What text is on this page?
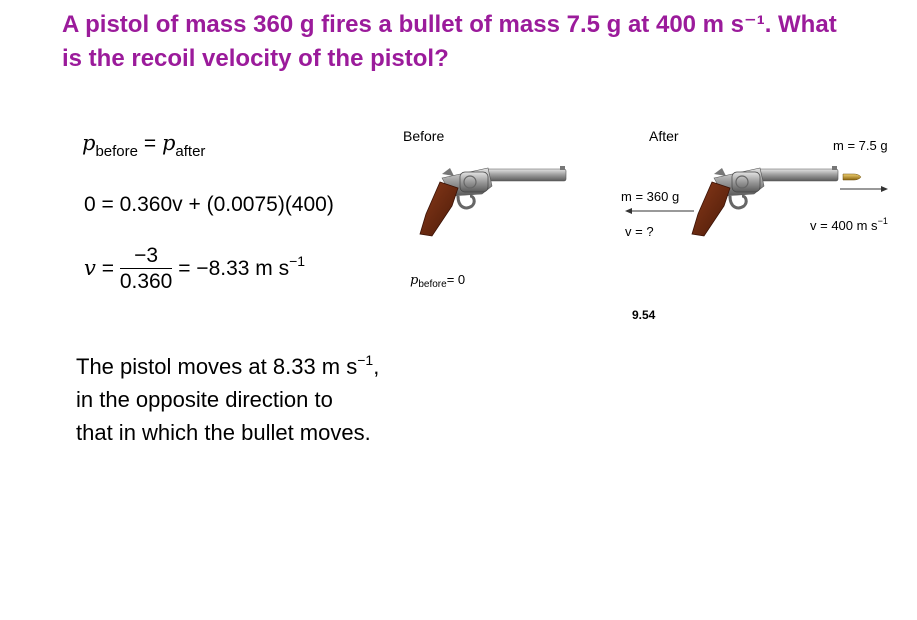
A pistol of mass 360 g fires a bullet of mass 7.5 g at 400 m s⁻¹. What is the recoil velocity of the pistol?
$p_{before} = p_{after}$
0 = 0.360v + (0.0075)(400)
$v = \frac{-3}{0.360} = -8.33$ m $s^{-1}$
The pistol moves at 8.33 m $s^{-1}$,
in the opposite direction to
that in which the bullet moves.
Before	After
$p_{before}= 0$
m = 360 g
v = ?
m = 7.5 g
v = 400 m $s^{-1}$
9.54
